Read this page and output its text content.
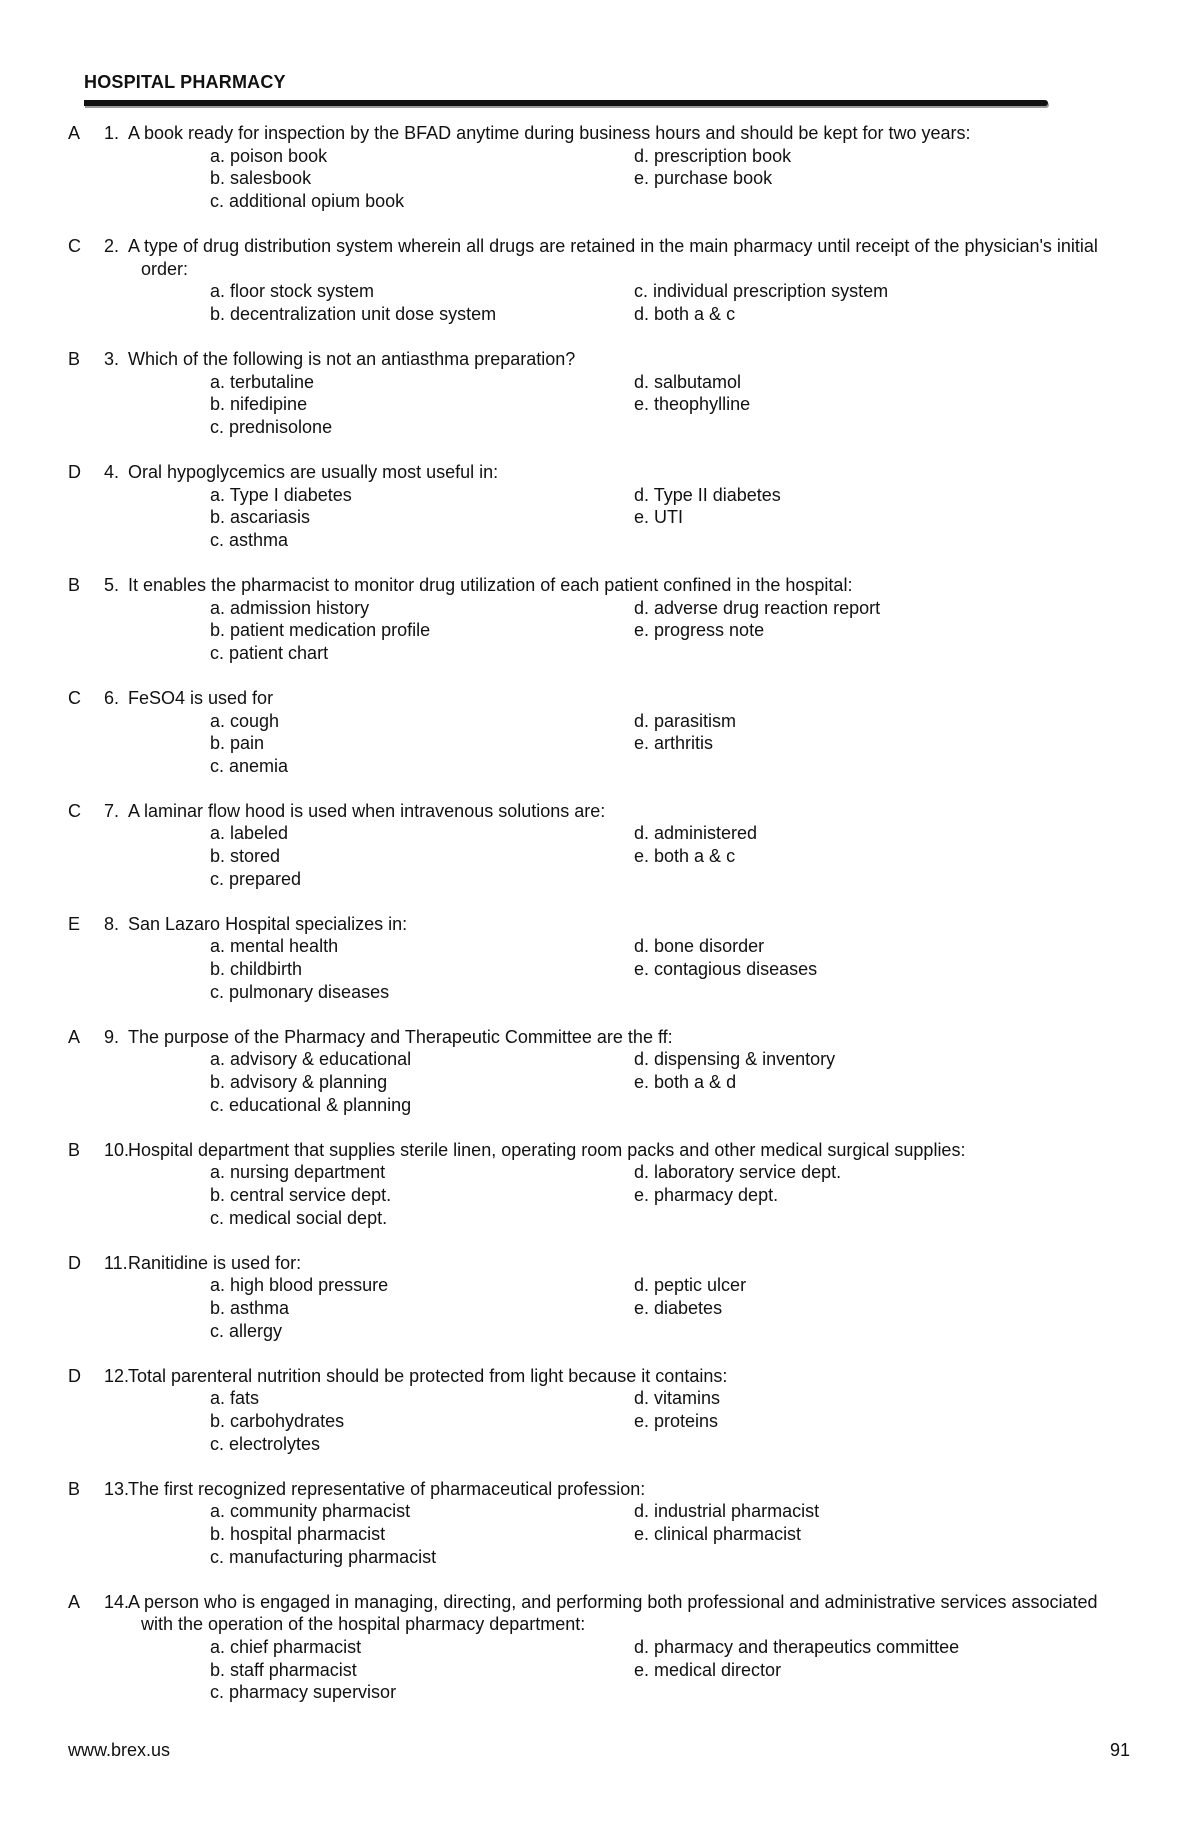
HOSPITAL PHARMACY
A	1. A book ready for inspection by the BFAD anytime during business hours and should be kept for two years:
a. poison book
b. salesbook
c. additional opium book
d. prescription book
e. purchase book
C	2. A type of drug distribution system wherein all drugs are retained in the main pharmacy until receipt of the physician's initial order:
a. floor stock system
b. decentralization unit dose system
c. individual prescription system
d. both a & c
B	3. Which of the following is not an antiasthma preparation?
a. terbutaline
b. nifedipine
c. prednisolone
d. salbutamol
e. theophylline
D	4. Oral hypoglycemics are usually most useful in:
a. Type I diabetes
b. ascariasis
c. asthma
d. Type II diabetes
e. UTI
B	5. It enables the pharmacist to monitor drug utilization of each patient confined in the hospital:
a. admission history
b. patient medication profile
c. patient chart
d. adverse drug reaction report
e. progress note
C	6. FeSO4 is used for
a. cough
b. pain
c. anemia
d. parasitism
e. arthritis
C	7. A laminar flow hood is used when intravenous solutions are:
a. labeled
b. stored
c. prepared
d. administered
e. both a & c
E	8. San Lazaro Hospital specializes in:
a. mental health
b. childbirth
c. pulmonary diseases
d. bone disorder
e. contagious diseases
A	9. The purpose of the Pharmacy and Therapeutic Committee are the ff:
a. advisory & educational
b. advisory & planning
c. educational & planning
d. dispensing & inventory
e. both a & d
B	10.
Hospital department that supplies sterile linen, operating room packs and other medical surgical supplies:
a. nursing department
b. central service dept.
c. medical social dept.
d. laboratory service dept.
e. pharmacy dept.
D	11. Ranitidine is used for:
a. high blood pressure
b. asthma
c. allergy
d. peptic ulcer
e. diabetes
D	12.
Total parenteral nutrition should be protected from light because it contains:
a. fats
b. carbohydrates
c. electrolytes
d. vitamins
e. proteins
B	13.
The first recognized representative of pharmaceutical profession:
a. community pharmacist
b. hospital pharmacist
c. manufacturing pharmacist
d. industrial pharmacist
e. clinical pharmacist
A	14.
A person who is engaged in managing, directing, and performing both professional and administrative services associated with the operation of the hospital pharmacy department:
a. chief pharmacist
b. staff pharmacist
c. pharmacy supervisor
d. pharmacy and therapeutics committee
e. medical director
www.brex.us	91
